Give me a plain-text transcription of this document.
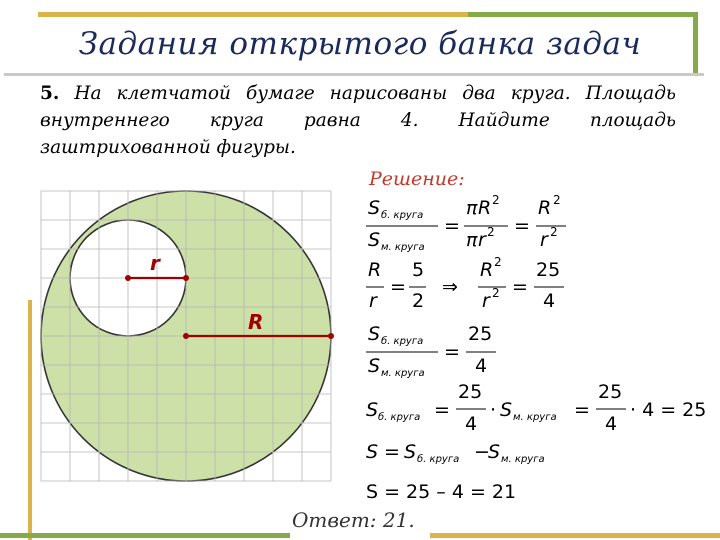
Задания открытого банка задач
5. На клетчатой бумаге нарисованы два круга. Площадь внутреннего круга равна 4. Найдите площадь заштрихованной фигуры.
r
R
Решение:
S б. круга
S м. круга
=
π R 2
π r 2 =
R 2
r 2
R
r
=
5
2
⇒
R 2
r 2 =
25
4
S б. круга
S м. круга
=
25
4
S б. круга =
25
4
· S м. круга =
25
4
· 4 = 25
S = S б. круга −
S м. круга
S = 25 – 4 = 21
Ответ: 21.
